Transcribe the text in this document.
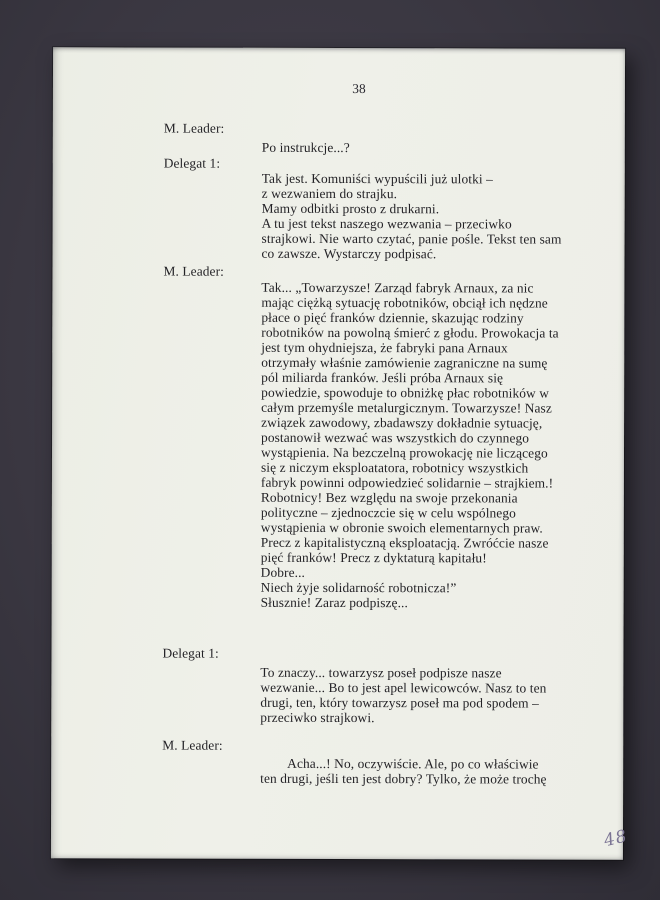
38
M. Leader:
Po instrukcje...?
Delegat 1:
Tak jest. Komuniści wypuścili już ulotki –
z wezwaniem do strajku.
Mamy odbitki prosto z drukarni.
A tu jest tekst naszego wezwania – przeciwko
strajkowi. Nie warto czytać, panie pośle. Tekst ten sam
co zawsze. Wystarczy podpisać.
M. Leader:
Tak... „Towarzysze! Zarząd fabryk Arnaux, za nic
mając ciężką sytuację robotników, obciął ich nędzne
płace o pięć franków dziennie, skazując rodziny
robotników na powolną śmierć z głodu. Prowokacja ta
jest tym ohydniejsza, że fabryki pana Arnaux
otrzymały właśnie zamówienie zagraniczne na sumę
pól miliarda franków. Jeśli próba Arnaux się
powiedzie, spowoduje to obniżkę płac robotników w
całym przemyśle metalurgicznym. Towarzysze! Nasz
związek zawodowy, zbadawszy dokładnie sytuację,
postanowił wezwać was wszystkich do czynnego
wystąpienia. Na bezczelną prowokację nie liczącego
się z niczym eksploatatora, robotnicy wszystkich
fabryk powinni odpowiedzieć solidarnie – strajkiem.!
Robotnicy! Bez względu na swoje przekonania
polityczne – zjednoczcie się w celu wspólnego
wystąpienia w obronie swoich elementarnych praw.
Precz z kapitalistyczną eksploatacją. Zwróćcie nasze
pięć franków! Precz z dyktaturą kapitału!
Dobre...
Niech żyje solidarność robotnicza!”
Słusznie! Zaraz podpiszę...
Delegat 1:
To znaczy... towarzysz poseł podpisze nasze
wezwanie... Bo to jest apel lewicowców. Nasz to ten
drugi, ten, który towarzysz poseł ma pod spodem –
przeciwko strajkowi.
M. Leader:
Acha...! No, oczywiście. Ale, po co właściwie
ten drugi, jeśli ten jest dobry? Tylko, że może trochę
48
